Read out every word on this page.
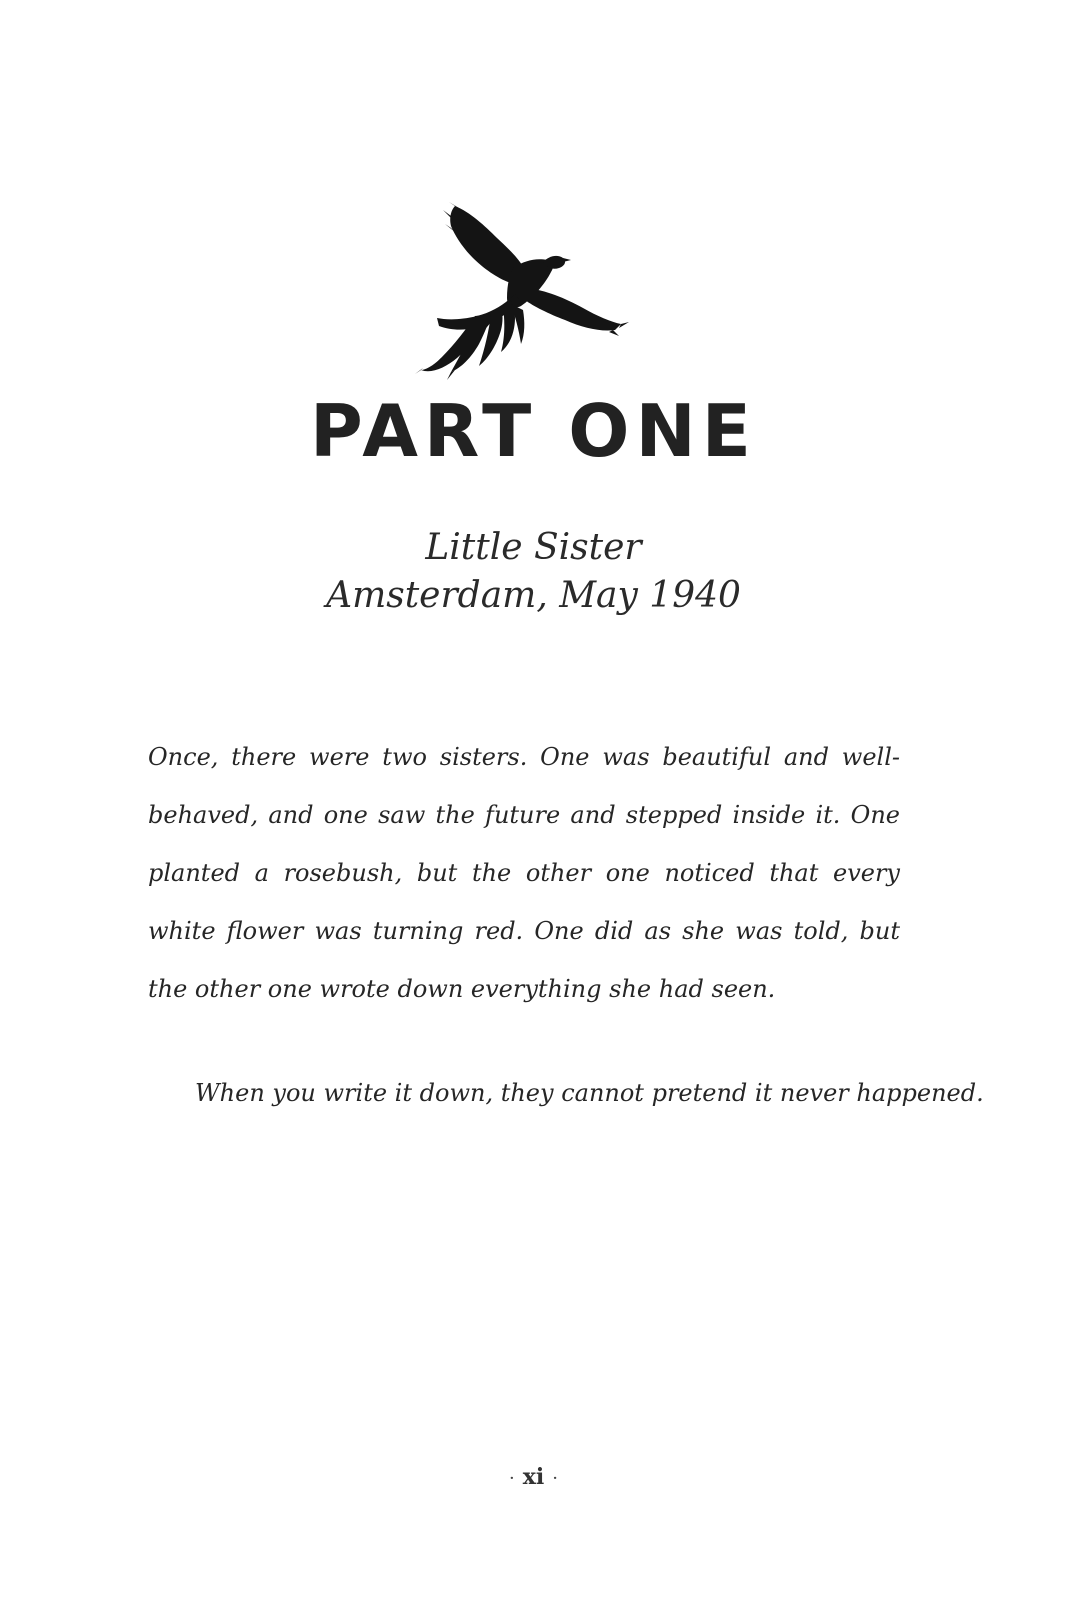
PART ONE
Little Sister
Amsterdam, May 1940

Once, there were two sisters. One was beautiful and well-behaved, and one saw the future and stepped inside it. One planted a rosebush, but the other one noticed that every white flower was turning red. One did as she was told, but the other one wrote down everything she had seen.

When you write it down, they cannot pretend it never happened.

· xi ·
